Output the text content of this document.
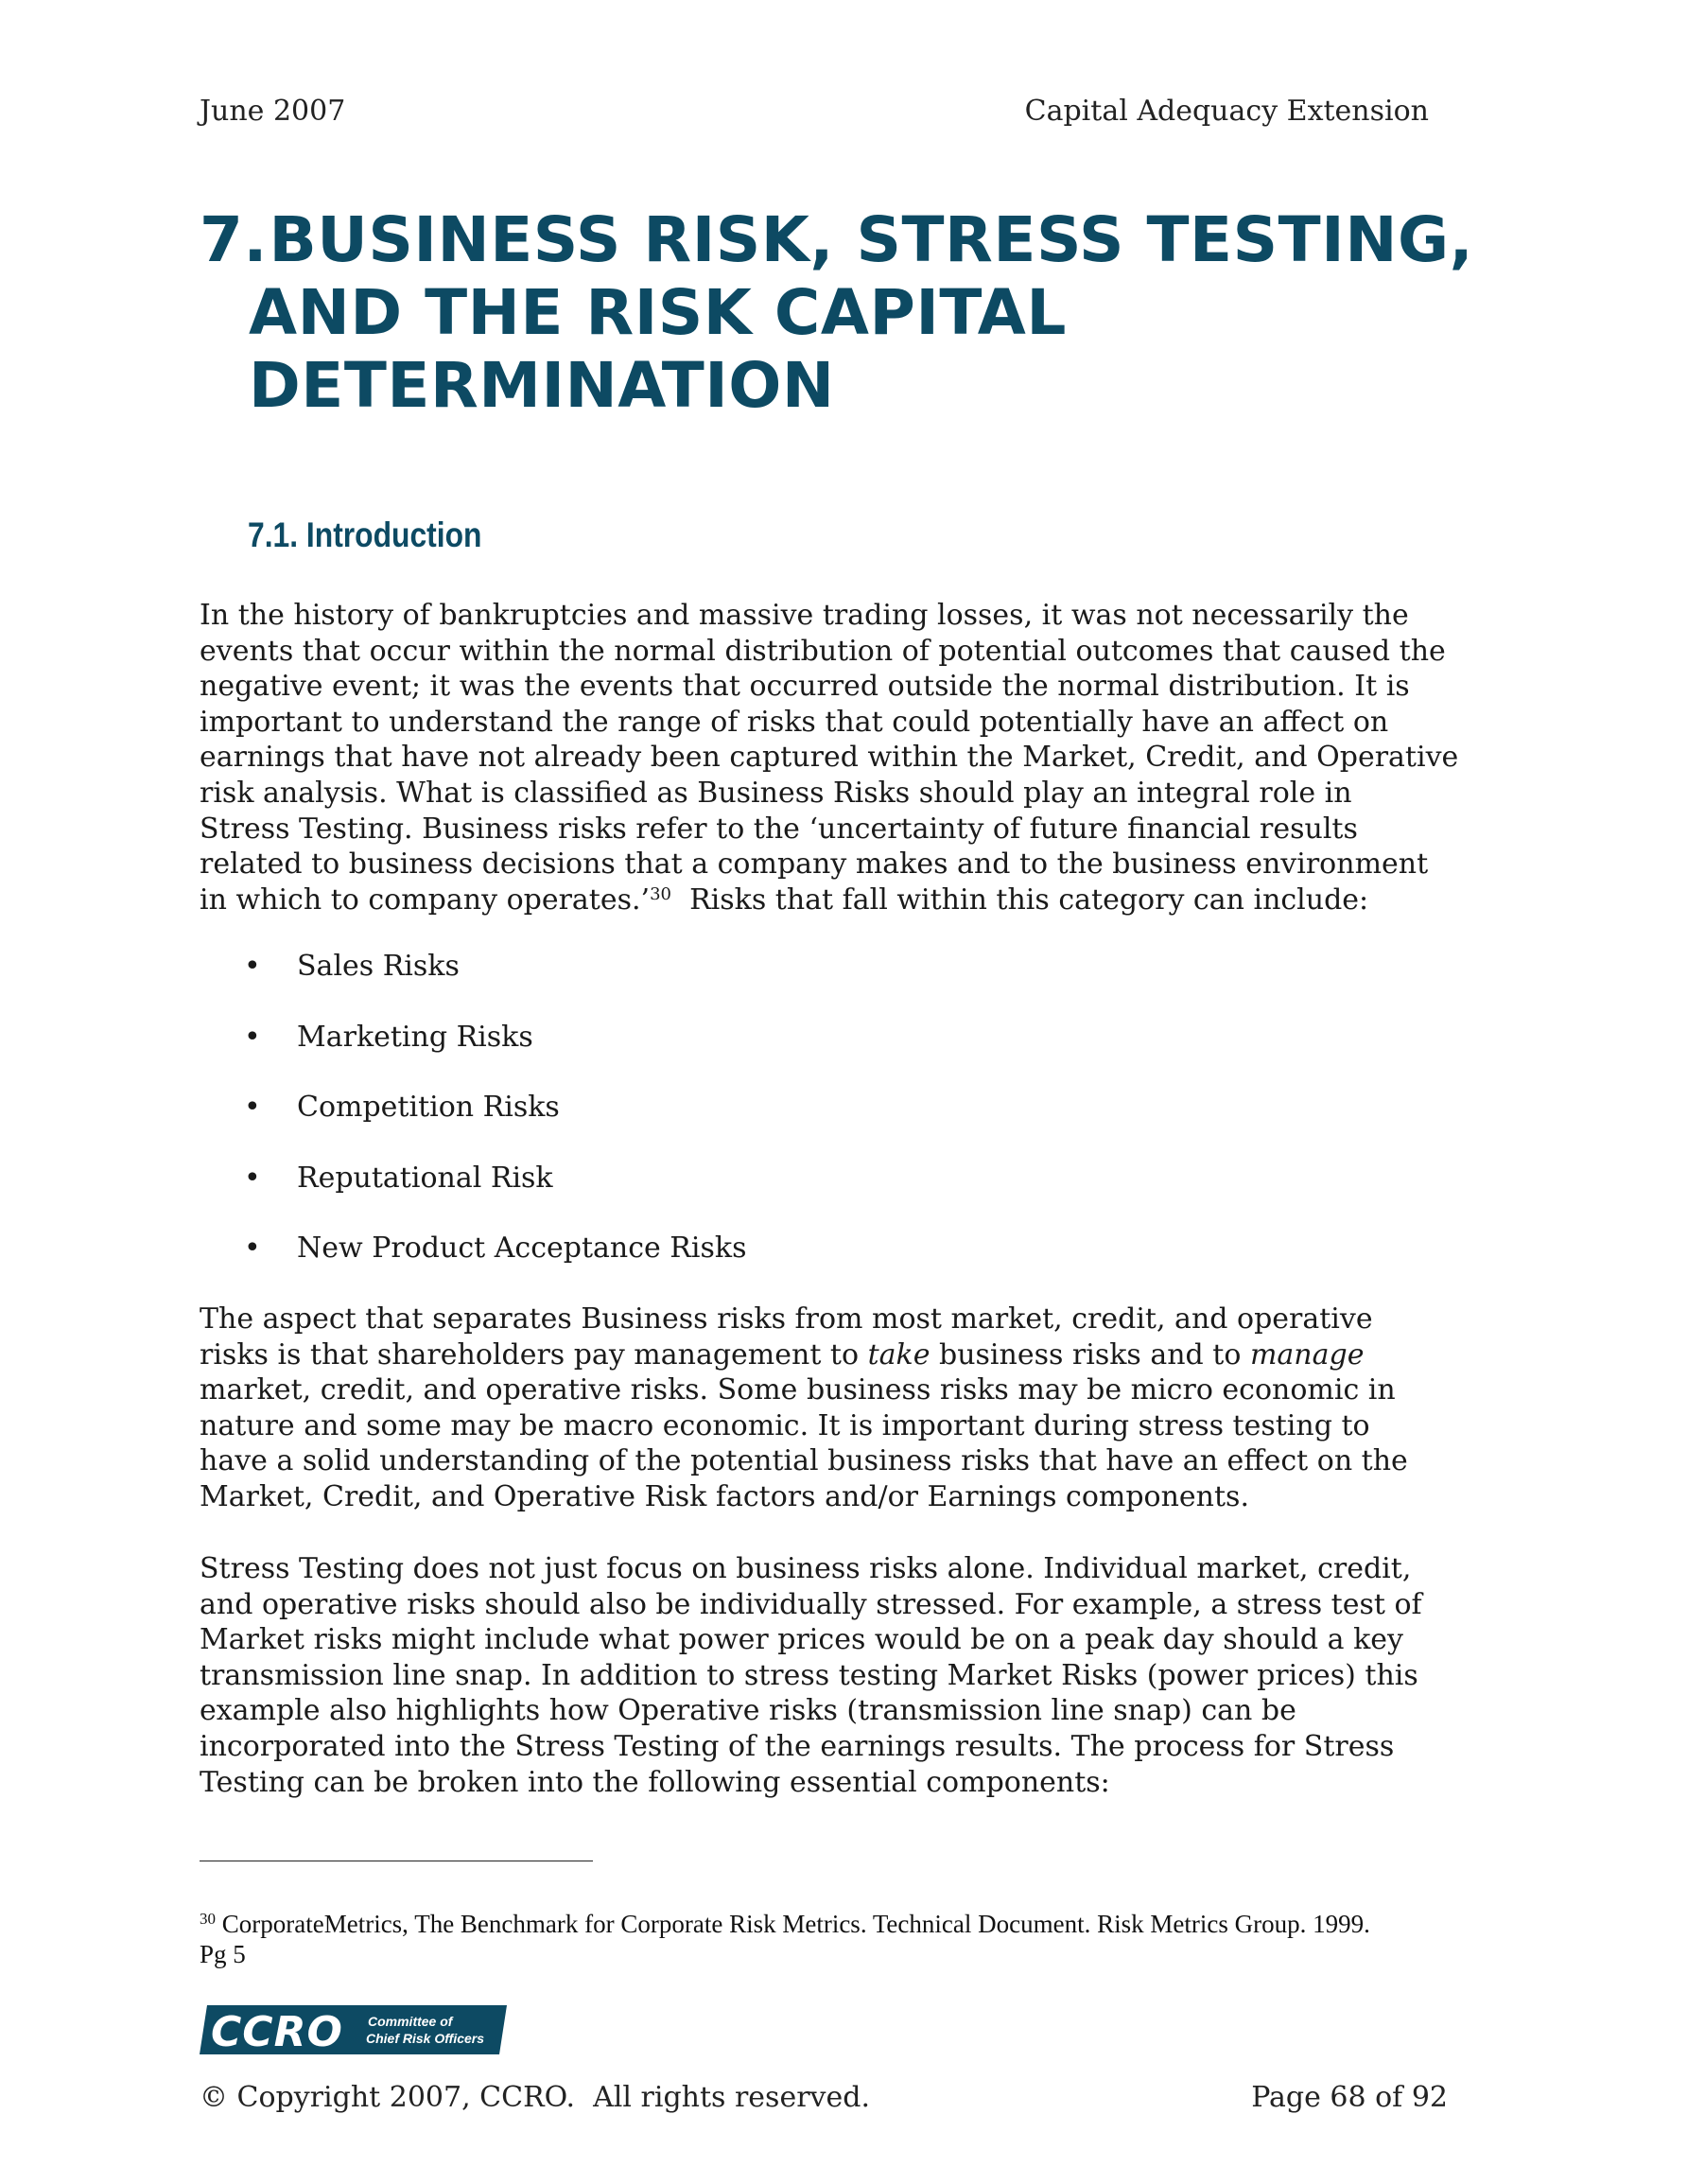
June 2007	Capital Adequacy Extension
7. BUSINESS RISK, STRESS TESTING,
AND THE RISK CAPITAL
DETERMINATION
7.1. Introduction

In the history of bankruptcies and massive trading losses, it was not necessarily the
events that occur within the normal distribution of potential outcomes that caused the
negative event; it was the events that occurred outside the normal distribution. It is
important to understand the range of risks that could potentially have an affect on
earnings that have not already been captured within the Market, Credit, and Operative
risk analysis. What is classified as Business Risks should play an integral role in
Stress Testing. Business risks refer to the ‘uncertainty of future financial results
related to business decisions that a company makes and to the business environment
in which to company operates.’$^{30}$  Risks that fall within this category can include:

• Sales Risks
• Marketing Risks
• Competition Risks
• Reputational Risk
• New Product Acceptance Risks

The aspect that separates Business risks from most market, credit, and operative
risks is that shareholders pay management to take business risks and to manage
market, credit, and operative risks. Some business risks may be micro economic in
nature and some may be macro economic. It is important during stress testing to
have a solid understanding of the potential business risks that have an effect on the
Market, Credit, and Operative Risk factors and/or Earnings components.

Stress Testing does not just focus on business risks alone. Individual market, credit,
and operative risks should also be individually stressed. For example, a stress test of
Market risks might include what power prices would be on a peak day should a key
transmission line snap. In addition to stress testing Market Risks (power prices) this
example also highlights how Operative risks (transmission line snap) can be
incorporated into the Stress Testing of the earnings results. The process for Stress
Testing can be broken into the following essential components:

$^{30}$ CorporateMetrics, The Benchmark for Corporate Risk Metrics. Technical Document. Risk Metrics Group. 1999.
Pg 5
CCRO Committee of
Chief Risk Officers
© Copyright 2007, CCRO.  All rights reserved.	Page 68 of 92
